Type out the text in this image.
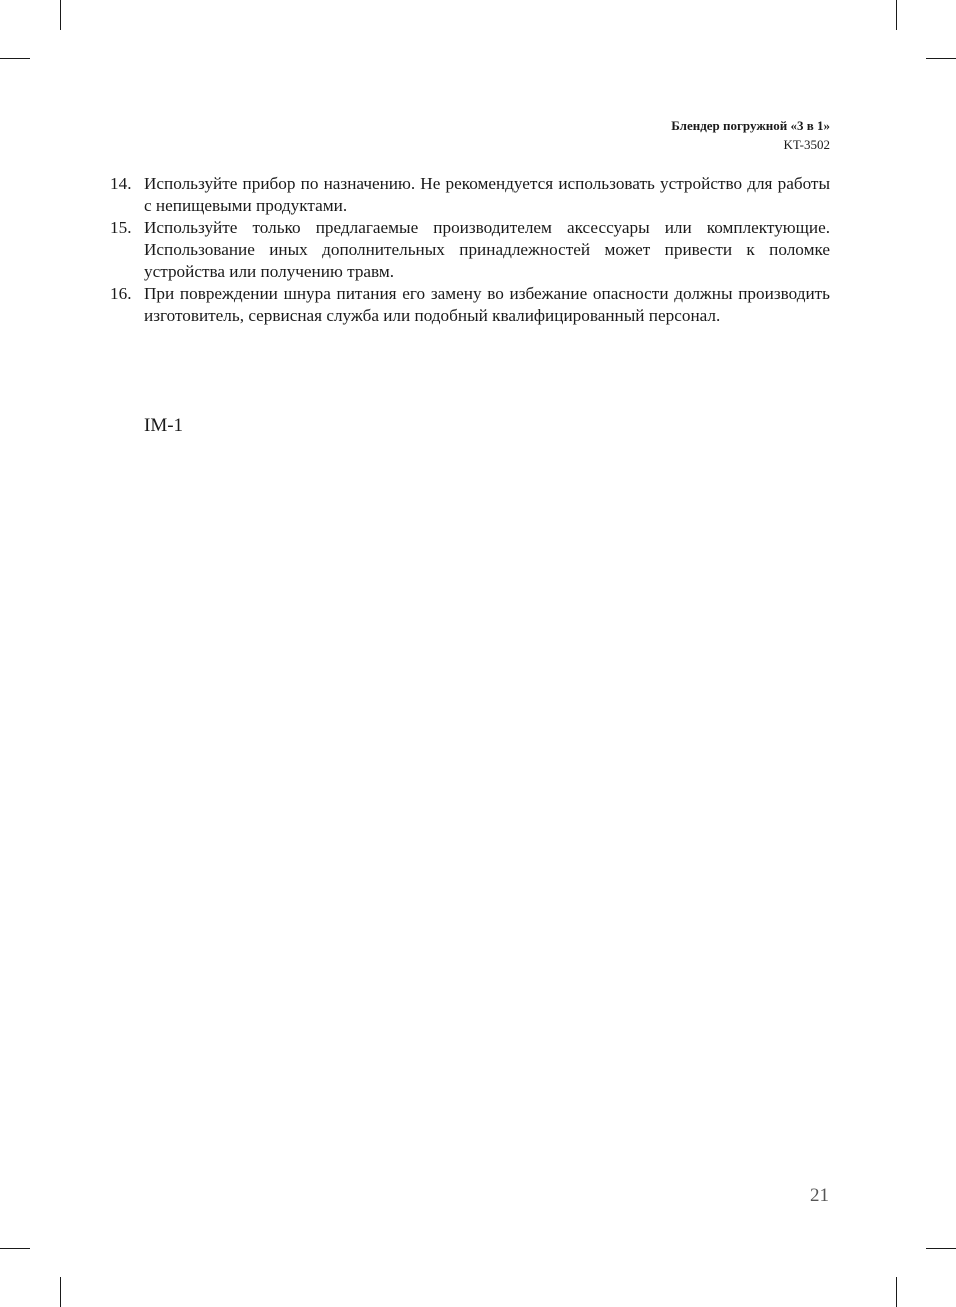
Блендер погружной «3 в 1»
KT-3502
14. Используйте прибор по назначению. Не рекомендуется использовать устройство для работы с непищевыми продуктами.
15. Используйте только предлагаемые производителем аксессуары или комплектующие. Использование иных дополнительных принадлежностей может привести к поломке устройства или получению травм.
16. При повреждении шнура питания его замену во избежание опасности должны производить изготовитель, сервисная служба или подобный квалифицированный персонал.
IM-1
21
